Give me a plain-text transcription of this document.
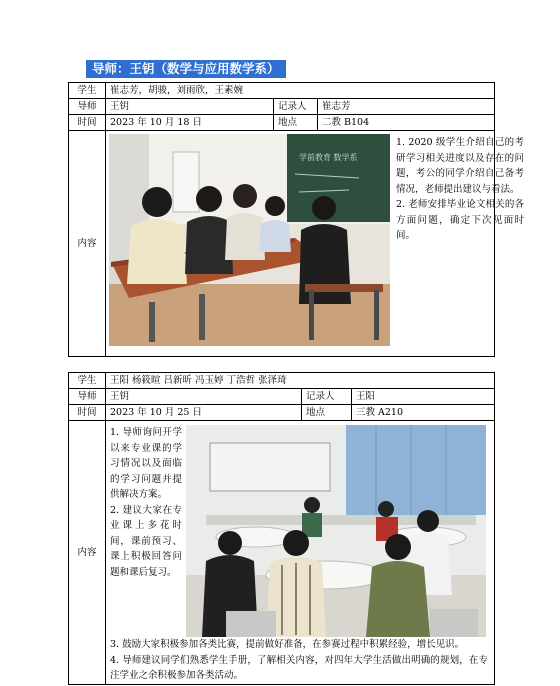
导师：王钥（数学与应用数学系）
学生	崔志芳，胡骏，刘雨欣，王素婉		
导师	王钥	记录人	崔志芳
时间	2023 年 10 月 18 日	地点	二教 B104
内容	学前教育 数学系
1. 2020 级学生介绍自己的考研学习相关进度以及存在的问题，考公的同学介绍自己备考情况，老师提出建议与看法。
2. 老师安排毕业论文相关的各方面问题，确定下次见面时间。		
学生	王阳 杨筱暄 吕新昕 冯玉婷 丁浩哲 张泽琦		
导师	王钥	记录人	王阳
时间	2023 年 10 月 25 日	地点	三教 A210
内容	1. 导师询问开学以来专业课的学习情况以及面临的学习问题并提供解决方案。
2. 建议大家在专业课上多花时间，课前预习、课上积极回答问题和课后复习。
3. 鼓励大家积极参加各类比赛，提前做好准备，在参赛过程中积累经验，增长见识。
4. 导师建议同学们熟悉学生手册，了解相关内容，对四年大学生活做出明确的规划，在专注学业之余积极参加各类活动。		
